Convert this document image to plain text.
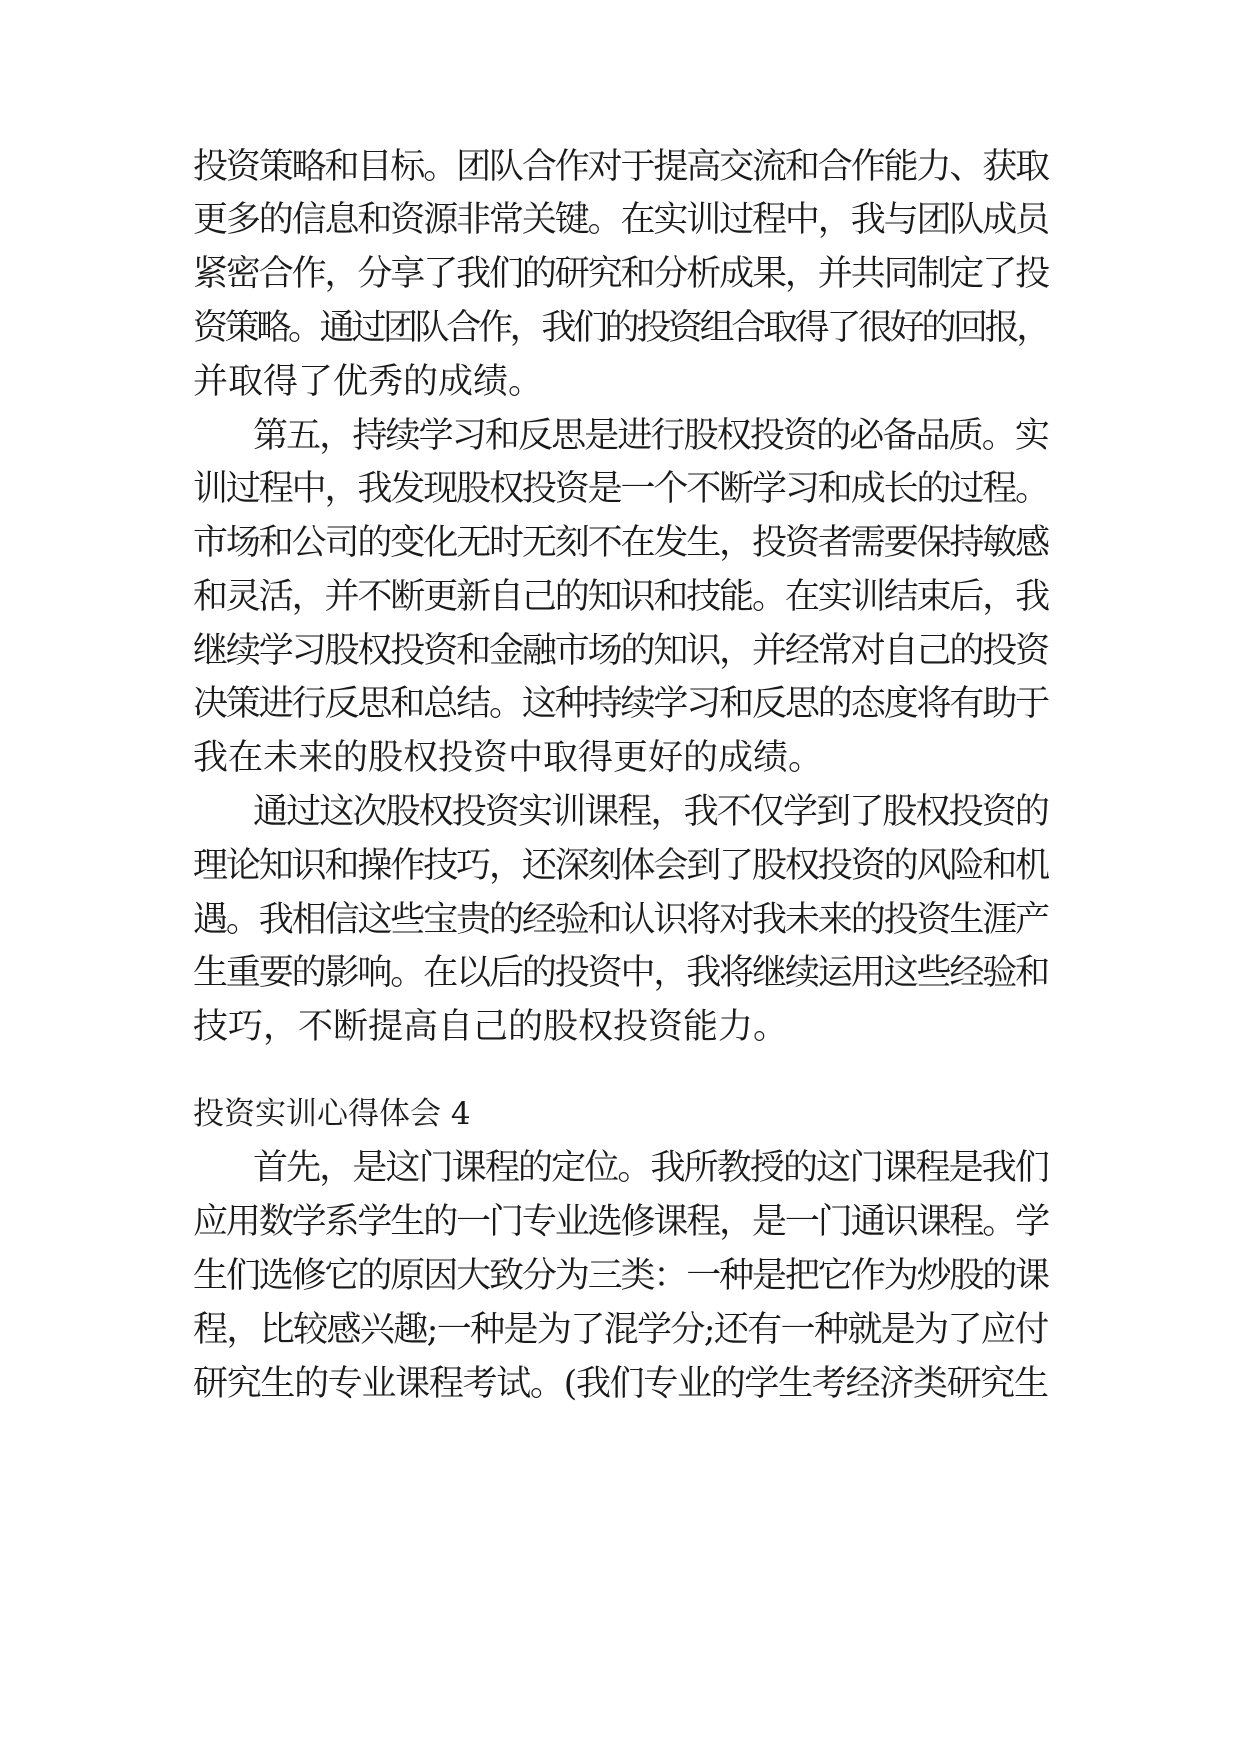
投资策略和目标。团队合作对于提高交流和合作能力、获取
更多的信息和资源非常关键。在实训过程中，我与团队成员
紧密合作，分享了我们的研究和分析成果，并共同制定了投
资策略。通过团队合作，我们的投资组合取得了很好的回报，
并取得了优秀的成绩。
第五，持续学习和反思是进行股权投资的必备品质。实
训过程中，我发现股权投资是一个不断学习和成长的过程。
市场和公司的变化无时无刻不在发生，投资者需要保持敏感
和灵活，并不断更新自己的知识和技能。在实训结束后，我
继续学习股权投资和金融市场的知识，并经常对自己的投资
决策进行反思和总结。这种持续学习和反思的态度将有助于
我在未来的股权投资中取得更好的成绩。
通过这次股权投资实训课程，我不仅学到了股权投资的
理论知识和操作技巧，还深刻体会到了股权投资的风险和机
遇。我相信这些宝贵的经验和认识将对我未来的投资生涯产
生重要的影响。在以后的投资中，我将继续运用这些经验和
技巧，不断提高自己的股权投资能力。
投资实训心得体会 4
首先，是这门课程的定位。我所教授的这门课程是我们
应用数学系学生的一门专业选修课程，是一门通识课程。学
生们选修它的原因大致分为三类：一种是把它作为炒股的课
程，比较感兴趣;一种是为了混学分;还有一种就是为了应付
研究生的专业课程考试。(我们专业的学生考经济类研究生
